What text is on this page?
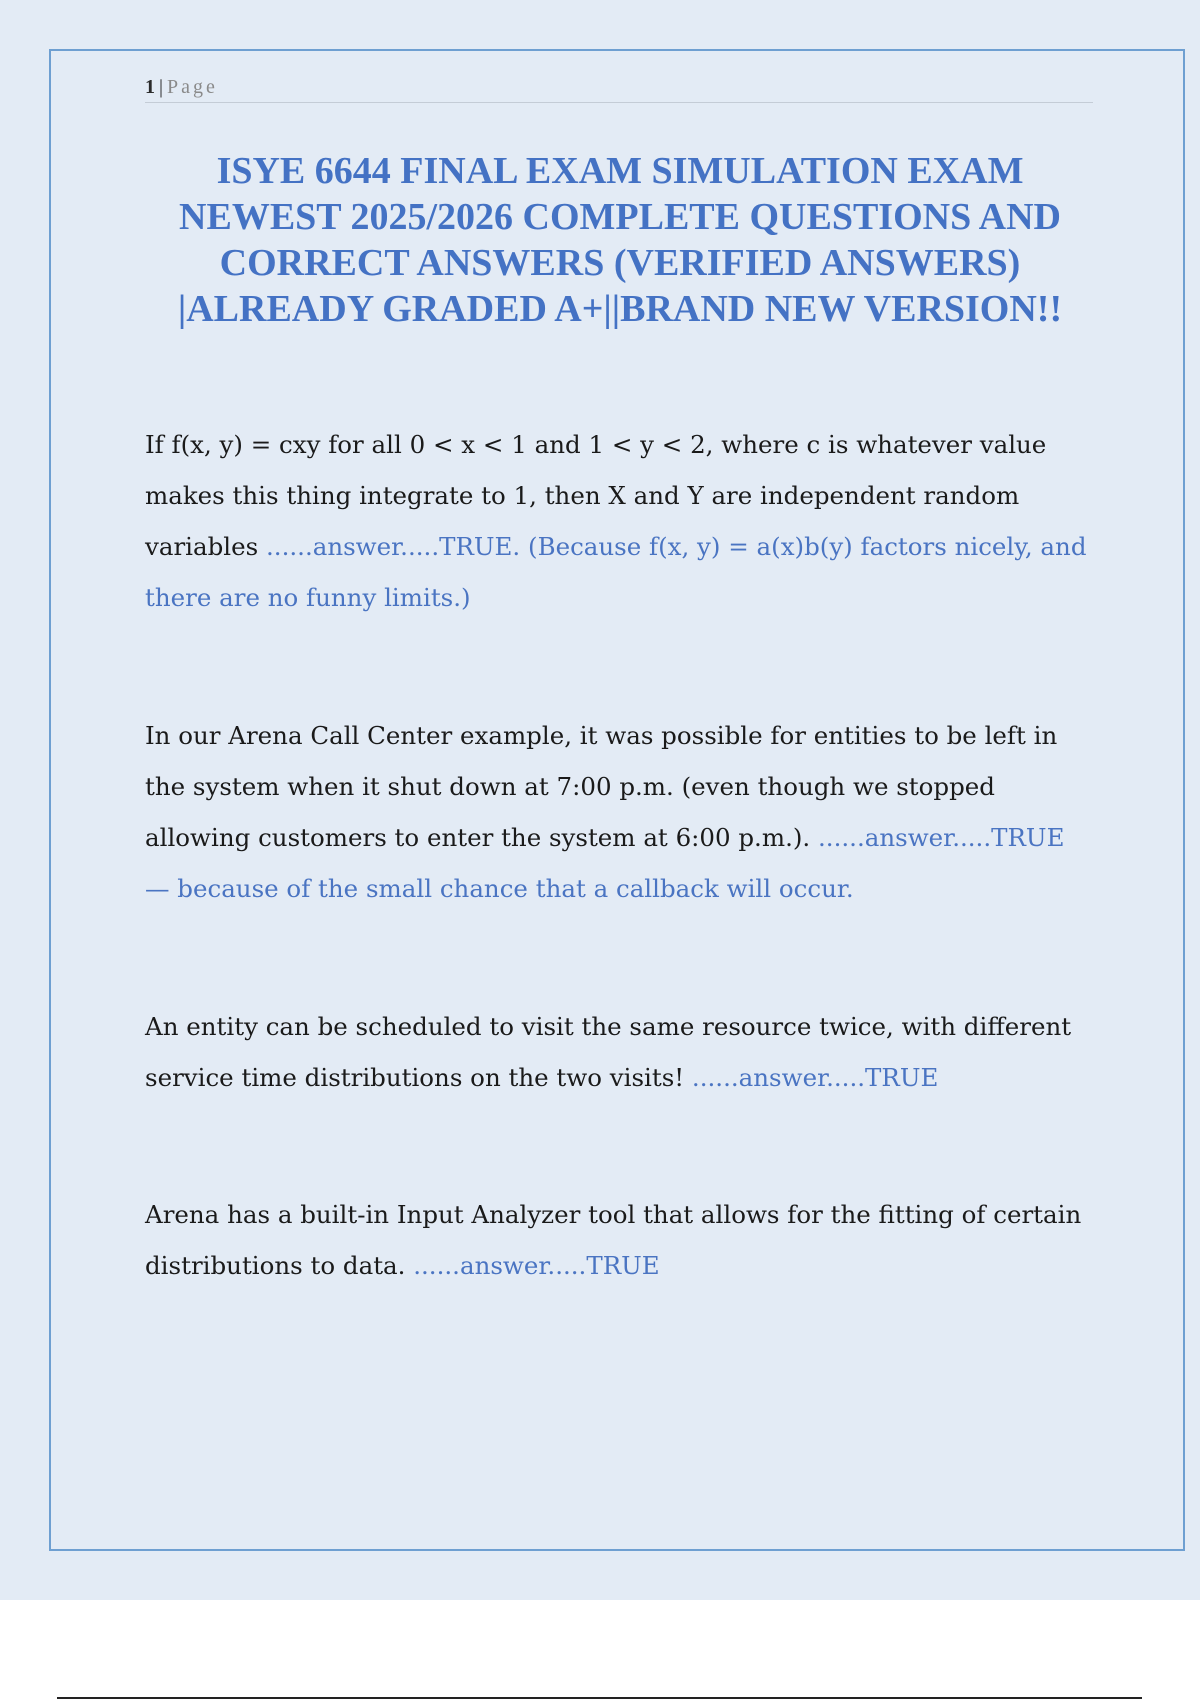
1 | Page
ISYE 6644 FINAL EXAM SIMULATION EXAM NEWEST 2025/2026 COMPLETE QUESTIONS AND CORRECT ANSWERS (VERIFIED ANSWERS) |ALREADY GRADED A+||BRAND NEW VERSION!!

If f(x, y) = cxy for all 0 < x < 1 and 1 < y < 2, where c is whatever value makes this thing integrate to 1, then X and Y are independent random variables ......answer.....TRUE. (Because f(x, y) = a(x)b(y) factors nicely, and there are no funny limits.)

In our Arena Call Center example, it was possible for entities to be left in the system when it shut down at 7:00 p.m. (even though we stopped allowing customers to enter the system at 6:00 p.m.). ......answer.....TRUE — because of the small chance that a callback will occur.

An entity can be scheduled to visit the same resource twice, with different service time distributions on the two visits! ......answer.....TRUE

Arena has a built-in Input Analyzer tool that allows for the fitting of certain distributions to data. ......answer.....TRUE
